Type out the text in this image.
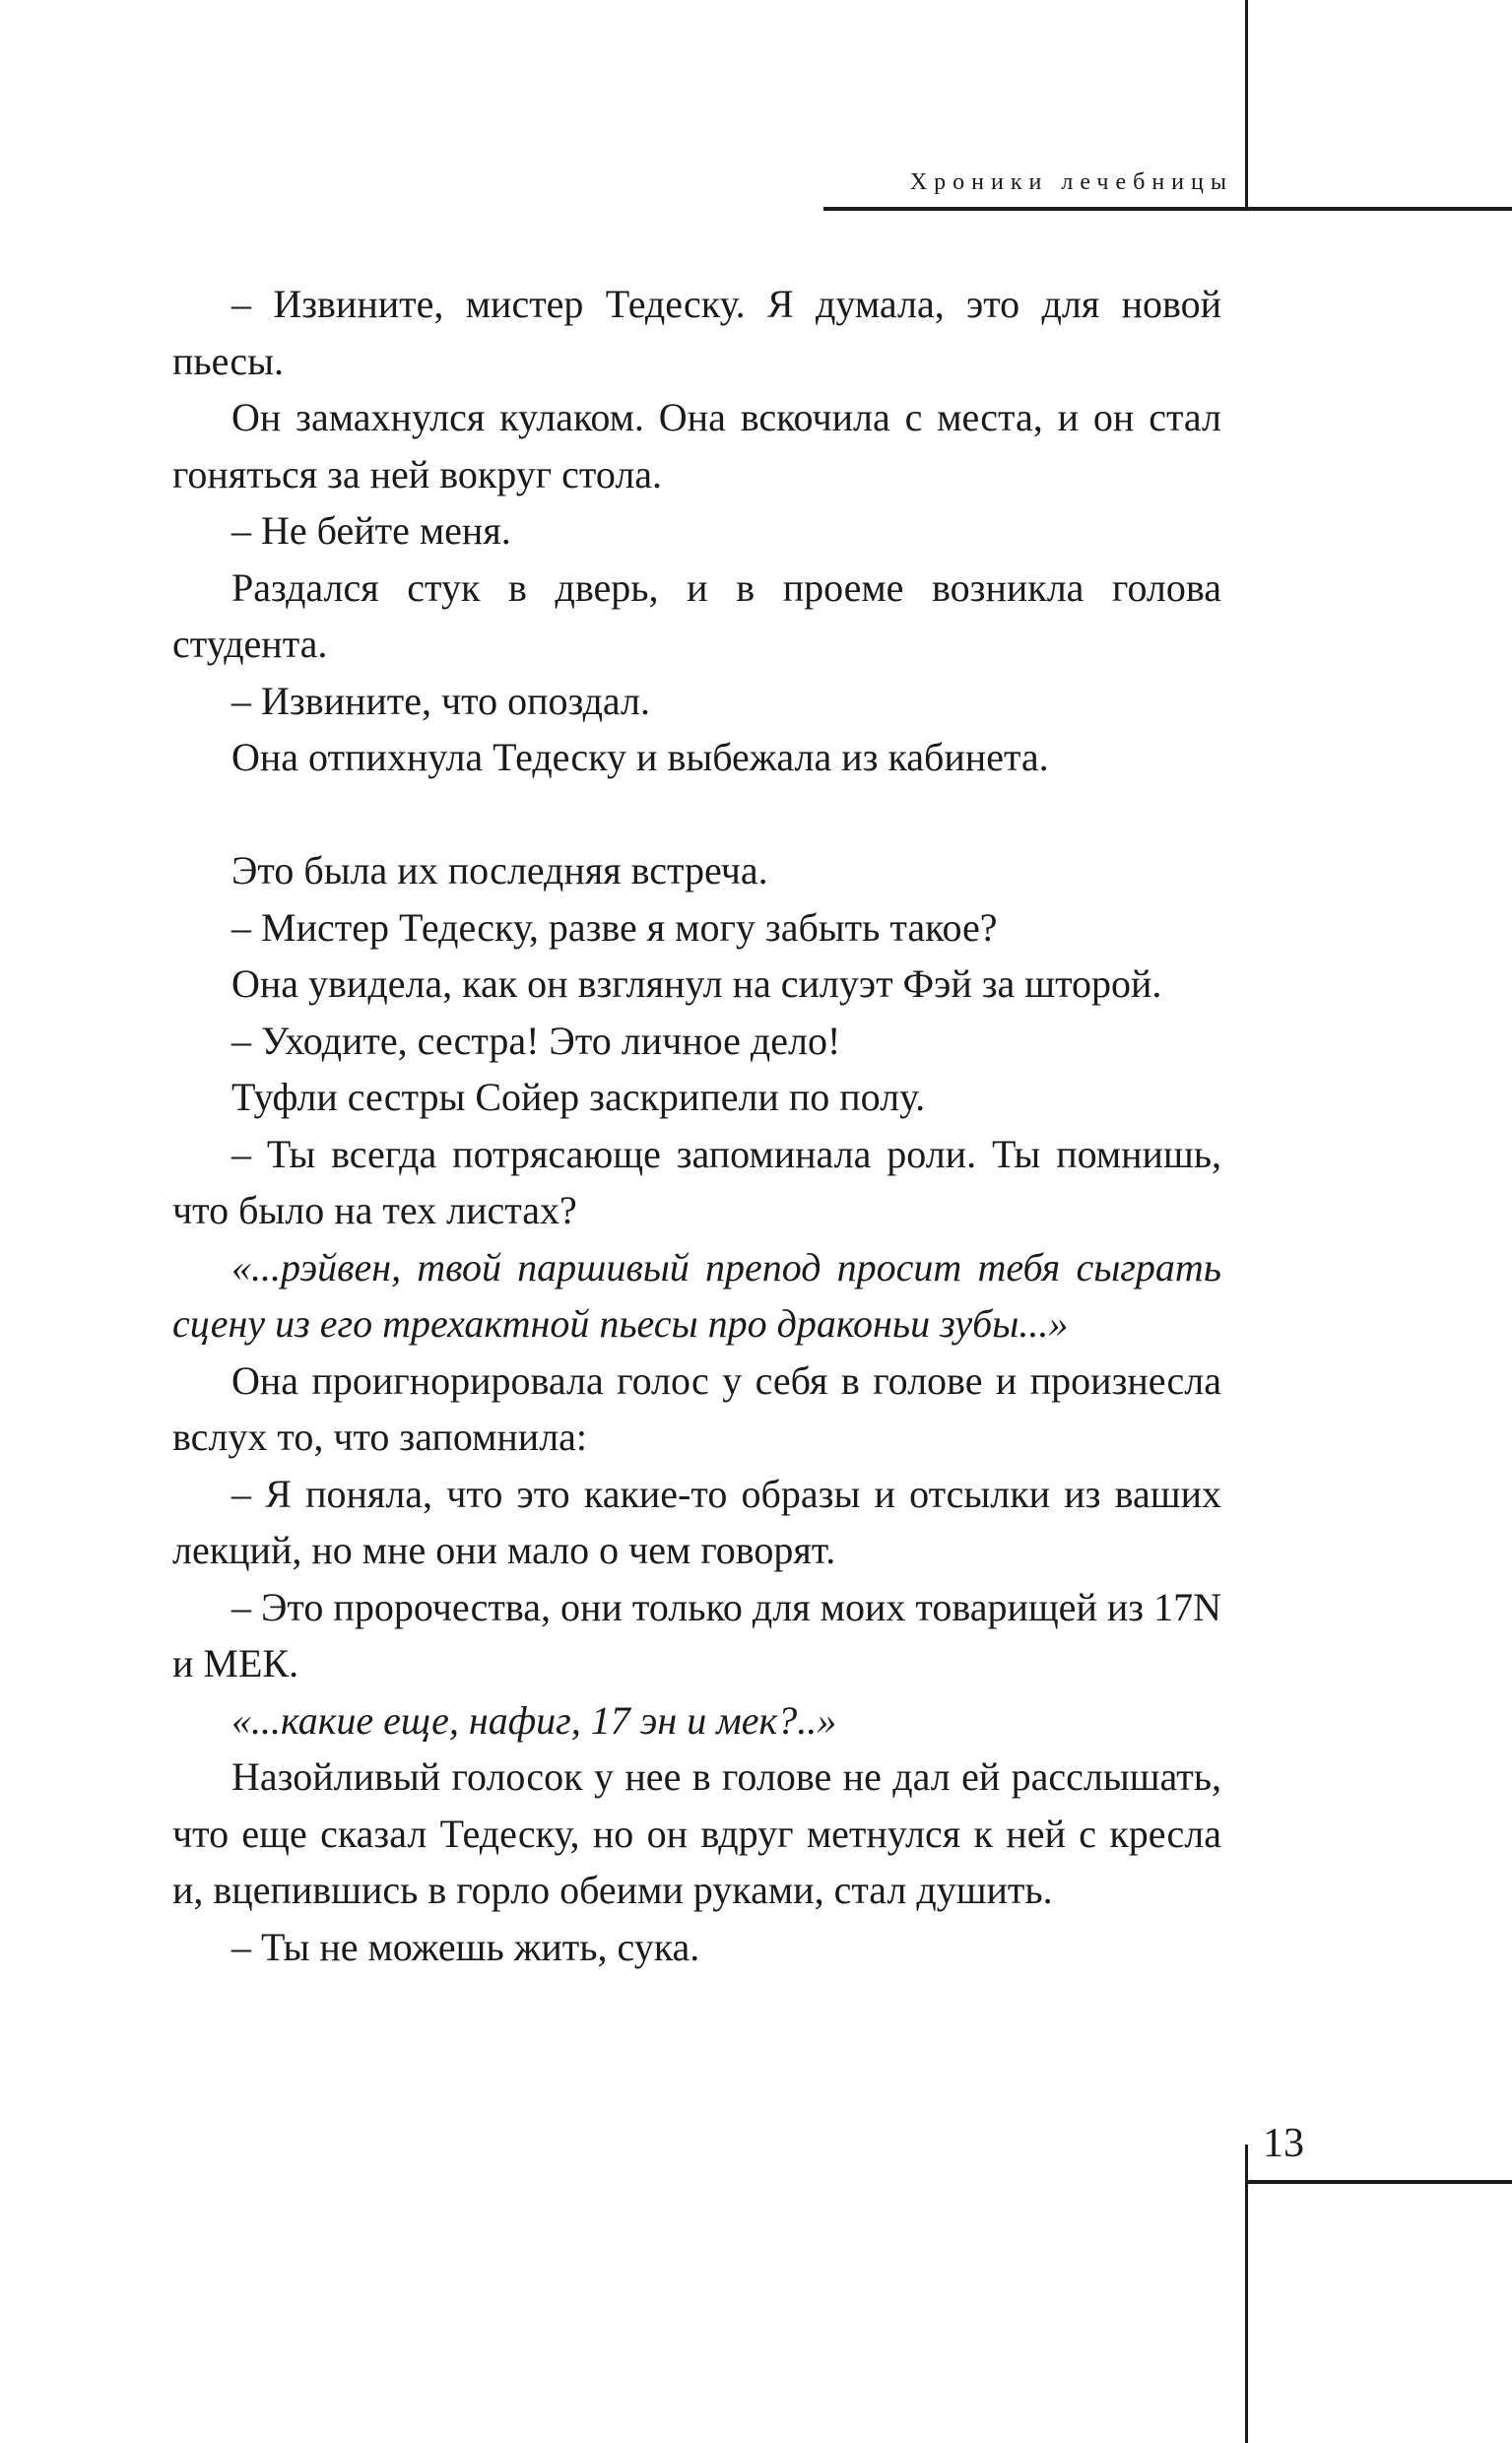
Хроники лечебницы

– Извините, мистер Тедеску. Я думала, это для новой пьесы.

Он замахнулся кулаком. Она вскочила с места, и он стал гоняться за ней вокруг стола.

– Не бейте меня.

Раздался стук в дверь, и в проеме возникла голова студента.

– Извините, что опоздал.

Она отпихнула Тедеску и выбежала из кабинета.

Это была их последняя встреча.

– Мистер Тедеску, разве я могу забыть такое?

Она увидела, как он взглянул на силуэт Фэй за шторой.

– Уходите, сестра! Это личное дело!

Туфли сестры Сойер заскрипели по полу.

– Ты всегда потрясающе запоминала роли. Ты помнишь, что было на тех листах?

«...рэйвен, твой паршивый препод просит тебя сыграть сцену из его трехактной пьесы про драконьи зубы...»

Она проигнорировала голос у себя в голове и произнесла вслух то, что запомнила:

– Я поняла, что это какие-то образы и отсылки из ваших лекций, но мне они мало о чем говорят.

– Это пророчества, они только для моих товарищей из 17N и МЕК.

«...какие еще, нафиг, 17 эн и мек?..»

Назойливый голосок у нее в голове не дал ей расслышать, что еще сказал Тедеску, но он вдруг метнулся к ней с кресла и, вцепившись в горло обеими руками, стал душить.

– Ты не можешь жить, сука.

13
